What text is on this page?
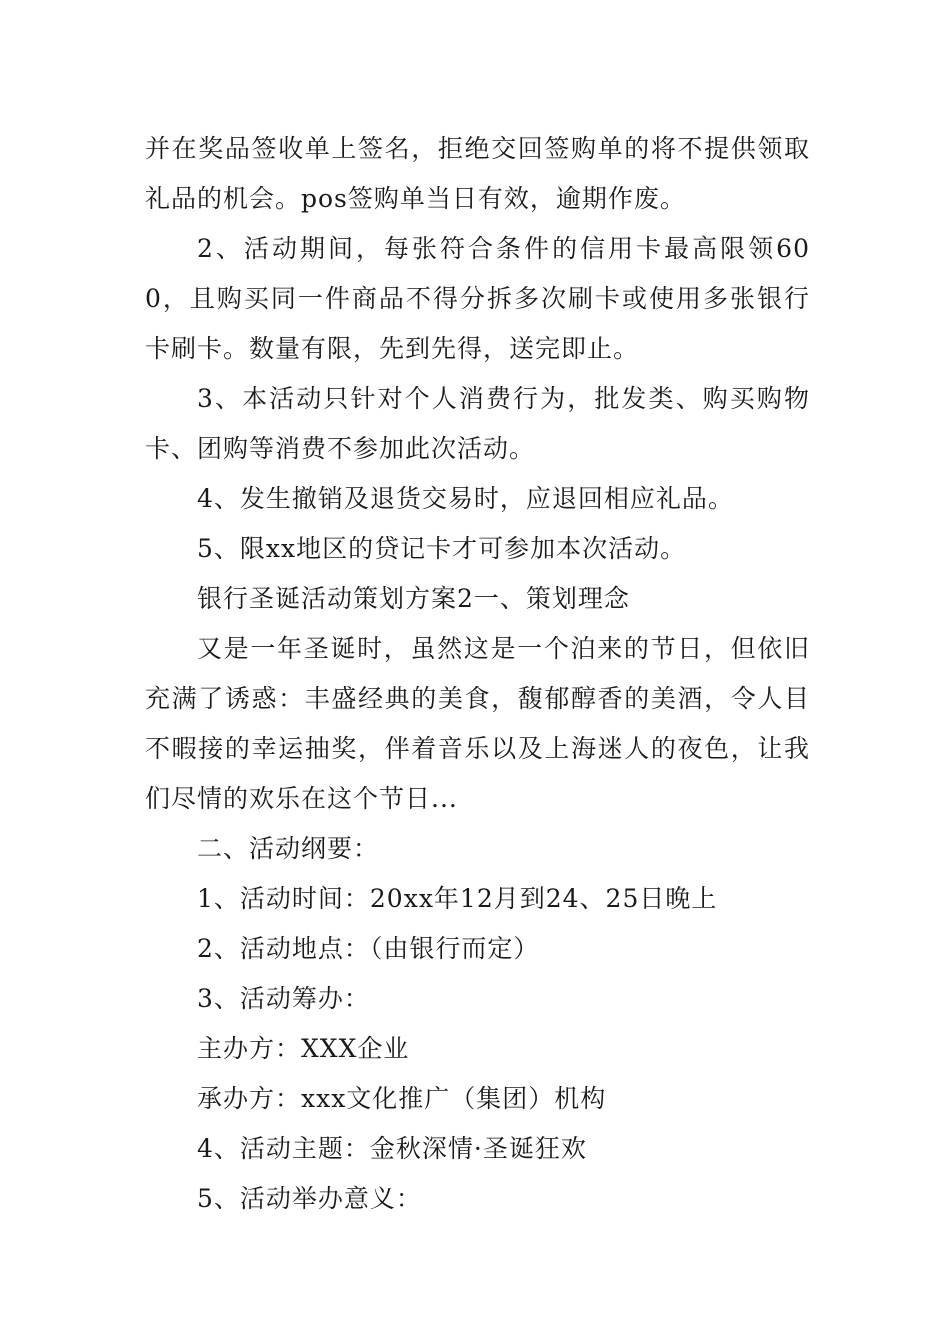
并在奖品签收单上签名，拒绝交回签购单的将不提供领取礼品的机会。pos签购单当日有效，逾期作废。

2、活动期间，每张符合条件的信用卡最高限领600，且购买同一件商品不得分拆多次刷卡或使用多张银行卡刷卡。数量有限，先到先得，送完即止。

3、本活动只针对个人消费行为，批发类、购买购物卡、团购等消费不参加此次活动。

4、发生撤销及退货交易时，应退回相应礼品。

5、限xx地区的贷记卡才可参加本次活动。

银行圣诞活动策划方案2一、策划理念

又是一年圣诞时，虽然这是一个泊来的节日，但依旧充满了诱惑：丰盛经典的美食，馥郁醇香的美酒，令人目不暇接的幸运抽奖，伴着音乐以及上海迷人的夜色，让我们尽情的欢乐在这个节日...

二、活动纲要：

1、活动时间：20xx年12月到24、25日晚上

2、活动地点：（由银行而定）

3、活动筹办：

主办方：XXX企业

承办方：xxx文化推广（集团）机构

4、活动主题：金秋深情·圣诞狂欢

5、活动举办意义：
